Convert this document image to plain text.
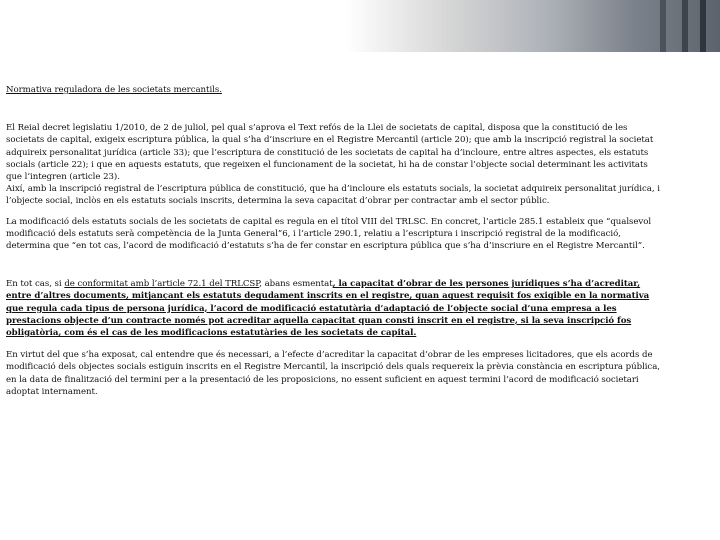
Normativa reguladora de les societats mercantils.

El Reial decret legislatiu 1/2010, de 2 de juliol, pel qual s’aprova el Text refós de la Llei de societats de capital, disposa que la constitució de les societats de capital, exigeix escriptura pública, la qual s’ha d’inscriure en el Registre Mercantil (article 20); que amb la inscripció registral la societat adquireix personalitat jurídica (article 33); que l’escriptura de constitució de les societats de capital ha d’incloure, entre altres aspectes, els estatuts socials (article 22); i que en aquests estatuts, que regeixen el funcionament de la societat, hi ha de constar l’objecte social determinant les activitats que l’integren (article 23).

Així, amb la inscripció registral de l’escriptura pública de constitució, que ha d’incloure els estatuts socials, la societat adquireix personalitat jurídica, i l’objecte social, inclòs en els estatuts socials inscrits, determina la seva capacitat d’obrar per contractar amb el sector públic.

La modificació dels estatuts socials de les societats de capital es regula en el títol VIII del TRLSC. En concret, l’article 285.1 estableix que “qualsevol modificació dels estatuts serà competència de la Junta General”6, i l’article 290.1, relatiu a l’escriptura i inscripció registral de la modificació, determina que “en tot cas, l’acord de modificació d’estatuts s’ha de fer constar en escriptura pública que s’ha d’inscriure en el Registre Mercantil”.

En tot cas, si de conformitat amb l’article 72.1 del TRLCSP, abans esmentat, la capacitat d’obrar de les persones jurídiques s’ha d’acreditar, entre d’altres documents, mitjançant els estatuts degudament inscrits en el registre, quan aquest requisit fos exigible en la normativa que regula cada tipus de persona jurídica, l’acord de modificació estatutària d’adaptació de l’objecte social d’una empresa a les prestacions objecte d’un contracte només pot acreditar aquella capacitat quan consti inscrit en el registre, si la seva inscripció fos obligatòria, com és el cas de les modificacions estatutàries de les societats de capital.

En virtut del que s’ha exposat, cal entendre que és necessari, a l’efecte d’acreditar la capacitat d’obrar de les empreses licitadores, que els acords de modificació dels objectes socials estiguin inscrits en el Registre Mercantil, la inscripció dels quals requereix la prèvia constància en escriptura pública, en la data de finalització del termini per a la presentació de les proposicions, no essent suficient en aquest termini l’acord de modificació societari adoptat internament.
